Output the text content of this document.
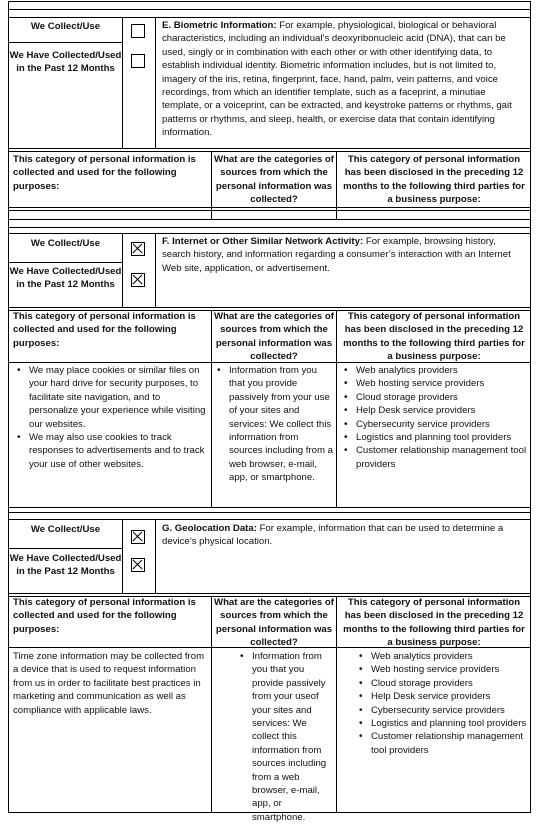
We Collect/Use
We Have Collected/Used in the Past 12 Months
E. Biometric Information: For example, physiological, biological or behavioral characteristics, including an individual’s deoxyribonucleic acid (DNA), that can be used, singly or in combination with each other or with other identifying data, to establish individual identity. Biometric information includes, but is not limited to, imagery of the iris, retina, fingerprint, face, hand, palm, vein patterns, and voice recordings, from which an identifier template, such as a faceprint, a minutiae template, or a voiceprint, can be extracted, and keystroke patterns or rhythms, gait patterns or rhythms, and sleep, health, or exercise data that contain identifying information.
This category of personal information is collected and used for the following purposes:
What are the categories of sources from which the personal information was collected?
This category of personal information has been disclosed in the preceding 12 months to the following third parties for a business purpose:
We Collect/Use
We Have Collected/Used in the Past 12 Months
F. Internet or Other Similar Network Activity: For example, browsing history, search history, and information regarding a consumer’s interaction with an Internet Web site, application, or advertisement.
This category of personal information is collected and used for the following purposes:
What are the categories of sources from which the personal information was collected?
This category of personal information has been disclosed in the preceding 12 months to the following third parties for a business purpose:
• We may place cookies or similar files on your hard drive for security purposes, to facilitate site navigation, and to personalize your experience while visiting our websites.
• We may also use cookies to track responses to advertisements and to track your use of other websites.
• Information from you that you provide passively from your use of your sites and services: We collect this information from sources including from a web browser, e-mail, app, or smartphone.
• Web analytics providers
• Web hosting service providers
• Cloud storage providers
• Help Desk service providers
• Cybersecurity service providers
• Logistics and planning tool providers
• Customer relationship management tool providers
We Collect/Use
We Have Collected/Used in the Past 12 Months
G. Geolocation Data: For example, information that can be used to determine a device’s physical location.
This category of personal information is collected and used for the following purposes:
What are the categories of sources from which the personal information was collected?
This category of personal information has been disclosed in the preceding 12 months to the following third parties for a business purpose:
Time zone information may be collected from a device that is used to request information from us in order to facilitate best practices in marketing and communication as well as compliance with applicable laws.
• Information from you that you provide passively from your useof your sites and services: We collect this information from sources including from a web browser, e-mail, app, or smartphone.
• Web analytics providers
• Web hosting service providers
• Cloud storage providers
• Help Desk service providers
• Cybersecurity service providers
• Logistics and planning tool providers
• Customer relationship management tool providers
